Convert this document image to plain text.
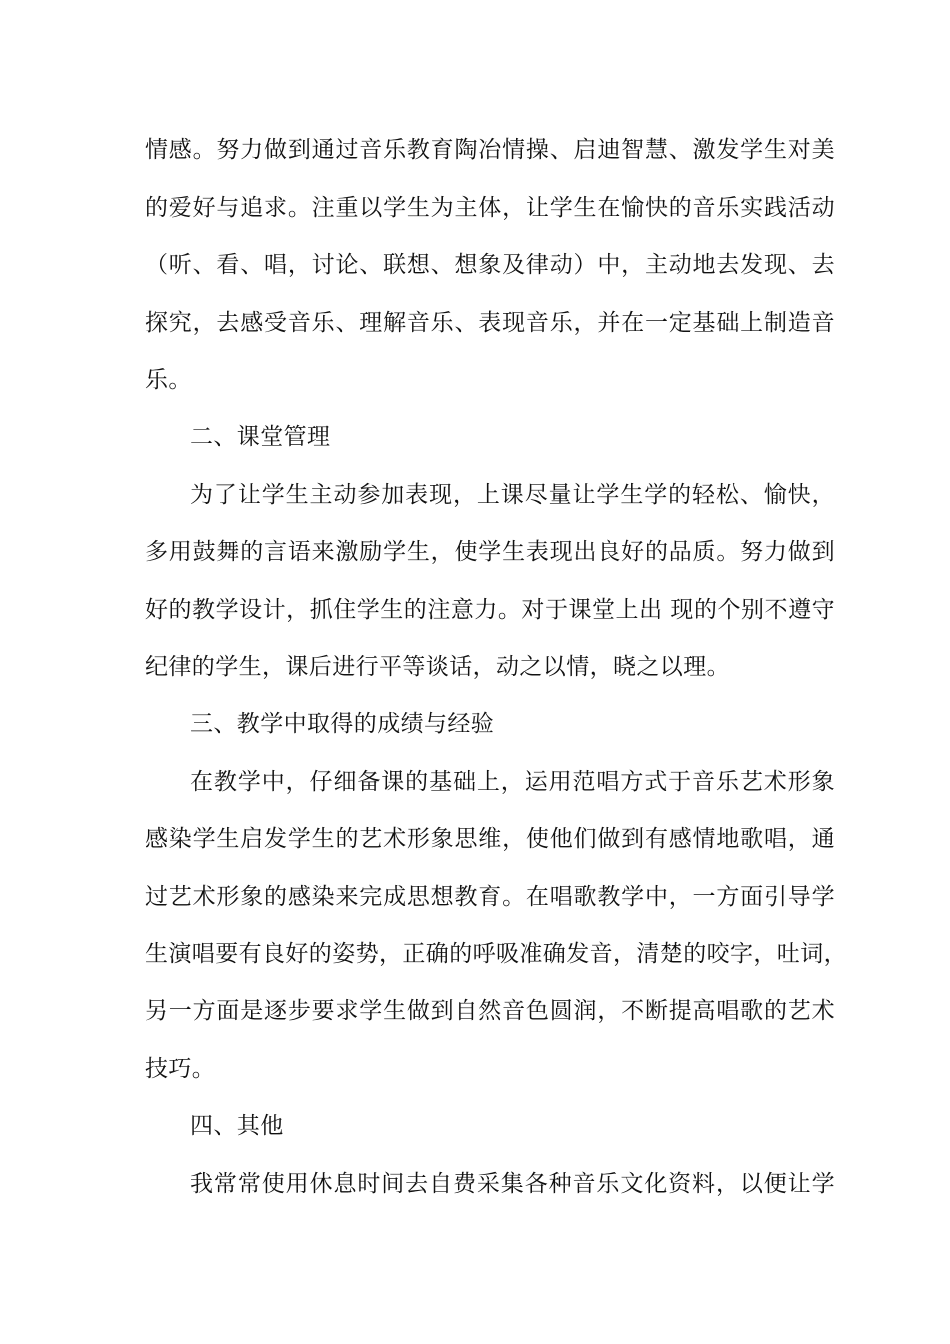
情感。努力做到通过音乐教育陶冶情操、启迪智慧、激发学生对美
的爱好与追求。注重以学生为主体，让学生在愉快的音乐实践活动
（听、看、唱，讨论、联想、想象及律动）中，主动地去发现、去
探究，去感受音乐、理解音乐、表现音乐，并在一定基础上制造音
乐。
二、课堂管理
为了让学生主动参加表现，上课尽量让学生学的轻松、愉快，
多用鼓舞的言语来激励学生，使学生表现出良好的品质。努力做到
好的教学设计，抓住学生的注意力。对于课堂上出 现的个别不遵守
纪律的学生，课后进行平等谈话，动之以情，晓之以理。
三、教学中取得的成绩与经验
在教学中，仔细备课的基础上，运用范唱方式于音乐艺术形象
感染学生启发学生的艺术形象思维，使他们做到有感情地歌唱，通
过艺术形象的感染来完成思想教育。在唱歌教学中，一方面引导学
生演唱要有良好的姿势，正确的呼吸准确发音，清楚的咬字，吐词，
另一方面是逐步要求学生做到自然音色圆润，不断提高唱歌的艺术
技巧。
四、其他
我常常使用休息时间去自费采集各种音乐文化资料，以便让学
